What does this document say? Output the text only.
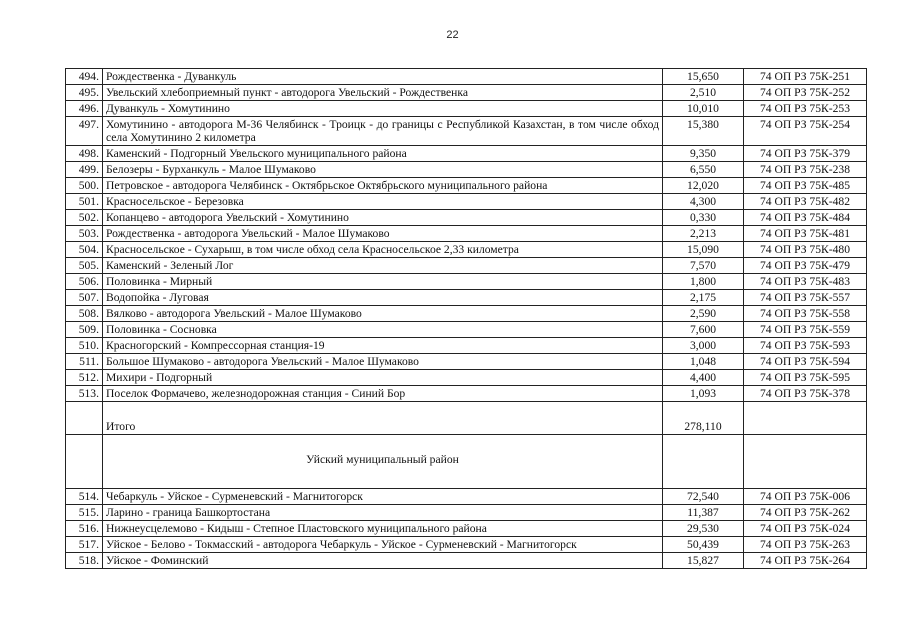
22
494.	Рождественка - Дуванкуль	15,650	74 ОП РЗ 75К-251
495.	Увельский хлебоприемный пункт - автодорога Увельский - Рождественка	2,510	74 ОП РЗ 75К-252
496.	Дуванкуль - Хомутинино	10,010	74 ОП РЗ 75К-253
497.	Хомутинино - автодорога М-36 Челябинск - Троицк - до границы с Республикой Казахстан, в том числе обход села Хомутинино 2 километра	15,380	74 ОП РЗ 75К-254
498.	Каменский - Подгорный Увельского муниципального района	9,350	74 ОП РЗ 75К-379
499.	Белозеры - Бурханкуль - Малое Шумаково	6,550	74 ОП РЗ 75К-238
500.	Петровское - автодорога Челябинск - Октябрьское Октябрьского муниципального района	12,020	74 ОП РЗ 75К-485
501.	Красносельское - Березовка	4,300	74 ОП РЗ 75К-482
502.	Копанцево - автодорога Увельский - Хомутинино	0,330	74 ОП РЗ 75К-484
503.	Рождественка - автодорога Увельский - Малое Шумаково	2,213	74 ОП РЗ 75К-481
504.	Красносельское - Сухарыш, в том числе обход села Красносельское 2,33 километра	15,090	74 ОП РЗ 75К-480
505.	Каменский - Зеленый Лог	7,570	74 ОП РЗ 75К-479
506.	Половинка - Мирный	1,800	74 ОП РЗ 75К-483
507.	Водопойка - Луговая	2,175	74 ОП РЗ 75К-557
508.	Вялково - автодорога Увельский - Малое Шумаково	2,590	74 ОП РЗ 75К-558
509.	Половинка - Сосновка	7,600	74 ОП РЗ 75К-559
510.	Красногорский - Компрессорная станция-19	3,000	74 ОП РЗ 75К-593
511.	Большое Шумаково - автодорога Увельский - Малое Шумаково	1,048	74 ОП РЗ 75К-594
512.	Михири - Подгорный	4,400	74 ОП РЗ 75К-595
513.	Поселок Формачево, железнодорожная станция - Синий Бор	1,093	74 ОП РЗ 75К-378
	Итого	278,110	
	Уйский муниципальный район		
514.	Чебаркуль - Уйское - Сурменевский - Магнитогорск	72,540	74 ОП РЗ 75К-006
515.	Ларино - граница Башкортостана	11,387	74 ОП РЗ 75К-262
516.	Нижнеусцелемово - Кидыш - Степное Пластовского муниципального района	29,530	74 ОП РЗ 75К-024
517.	Уйское - Белово - Токмасский - автодорога Чебаркуль - Уйское - Сурменевский - Магнитогорск	50,439	74 ОП РЗ 75К-263
518.	Уйское - Фоминский	15,827	74 ОП РЗ 75К-264
